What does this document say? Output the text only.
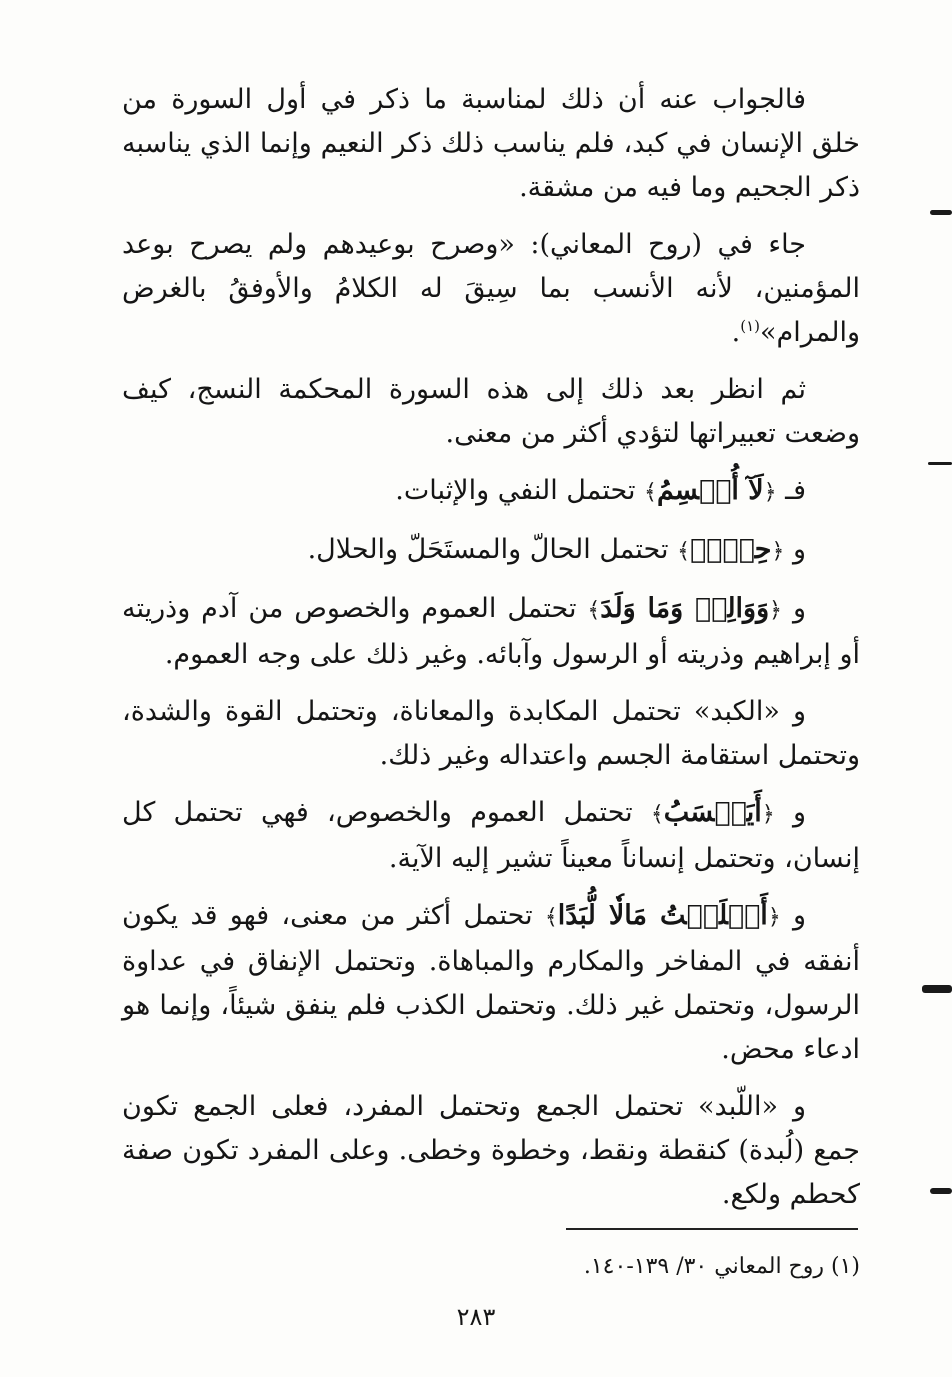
فالجواب عنه أن ذلك لمناسبة ما ذكر في أول السورة من خلق الإنسان في كبد، فلم يناسب ذلك ذكر النعيم وإنما الذي يناسبه ذكر الجحيم وما فيه من مشقة.

جاء في (روح المعاني): «وصرح بوعيدهم ولم يصرح بوعد المؤمنين، لأنه الأنسب بما سِيقَ له الكلامُ والأوفقُ بالغرض والمرام»$^{(١)}$.

ثم انظر بعد ذلك إلى هذه السورة المحكمة النسج، كيف وضعت تعبيراتها لتؤدي أكثر من معنى.

فـ ﴿لَآ أُقۡسِمُ﴾ تحتمل النفي والإثبات.

و ﴿حِلُّۢ﴾ تحتمل الحالّ والمستَحَلّ والحلال.

و ﴿وَوَالِدٖ وَمَا وَلَدَ﴾ تحتمل العموم والخصوص من آدم وذريته أو إبراهيم وذريته أو الرسول وآبائه. وغير ذلك على وجه العموم.

و «الكبد» تحتمل المكابدة والمعاناة، وتحتمل القوة والشدة، وتحتمل استقامة الجسم واعتداله وغير ذلك.

و ﴿أَيَحۡسَبُ﴾ تحتمل العموم والخصوص، فهي تحتمل كل إنسان، وتحتمل إنساناً معيناً تشير إليه الآية.

و ﴿أَهۡلَكۡتُ مَالٗا لُّبَدًا﴾ تحتمل أكثر من معنى، فهو قد يكون أنفقه في المفاخر والمكارم والمباهاة. وتحتمل الإنفاق في عداوة الرسول، وتحتمل غير ذلك. وتحتمل الكذب فلم ينفق شيئاً، وإنما هو ادعاء محض.

و «اللّبد» تحتمل الجمع وتحتمل المفرد، فعلى الجمع تكون جمع (لُبدة) كنقطة ونقط، وخطوة وخطى. وعلى المفرد تكون صفة كحطم ولكع.

(١) روح المعاني ٣٠/ ١٣٩-١٤٠.
٢٨٣
